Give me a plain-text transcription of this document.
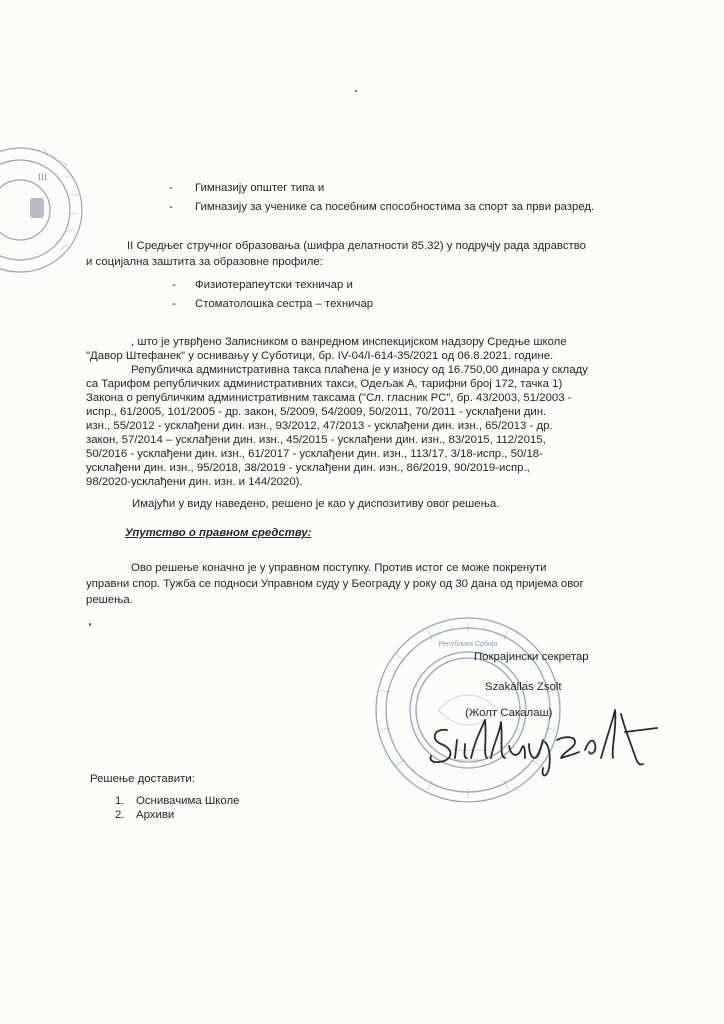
III
- Гимназију општег типа и
- Гимназију за ученике са посебним способностима за спорт за први разред.
II Средњег стручног образовања (шифра делатности 85.32) у подручју рада здравство
и социјална заштита за образовне профиле:
- Физиотерапеутски техничар и
- Стоматолошка сестра – техничар
, што је утврђено Записником о ванредном инспекцијском надзору Средње школе
"Давор Штефанек" у оснивању у Суботици, бр. IV-04/I-614-35/2021 од 06.8.2021. године.
Републичка административна такса плаћена је у износу од 16.750,00 динара у складу
са Тарифом републичких административних такси, Одељак А, тарифни број 172, тачка 1)
Закона о републичким административним таксама ("Сл. гласник РС", бр. 43/2003, 51/2003 -
испр., 61/2005, 101/2005 - др. закон, 5/2009, 54/2009, 50/2011, 70/2011 - усклађени дин.
изн., 55/2012 - усклађени дин. изн., 93/2012, 47/2013 - усклађени дин. изн., 65/2013 - др.
закон, 57/2014 – усклађени дин. изн., 45/2015 - усклађени дин. изн., 83/2015, 112/2015,
50/2016 - усклађени дин. изн., 61/2017 - усклађени дин. изн., 113/17, 3/18-испр., 50/18-
усклађени дин. изн., 95/2018, 38/2019 - усклађени дин. изн., 86/2019, 90/2019-испр.,
98/2020-усклађени дин. изн. и 144/2020).
Имајући у виду наведено, решено је као у диспозитиву овог решења.
Упутство о правном средству:
Ово решење коначно је у управном поступку. Против истог се може покренути
управни спор. Тужба се подноси Управном суду у Београду у року од 30 дана од пријема овог
решења.
Република Србија
Покрајински секретар
Szakállas Zsolt
(Жолт Сакалаш)
Решење доставити:
1. Оснивачима Школе
2. Архиви
